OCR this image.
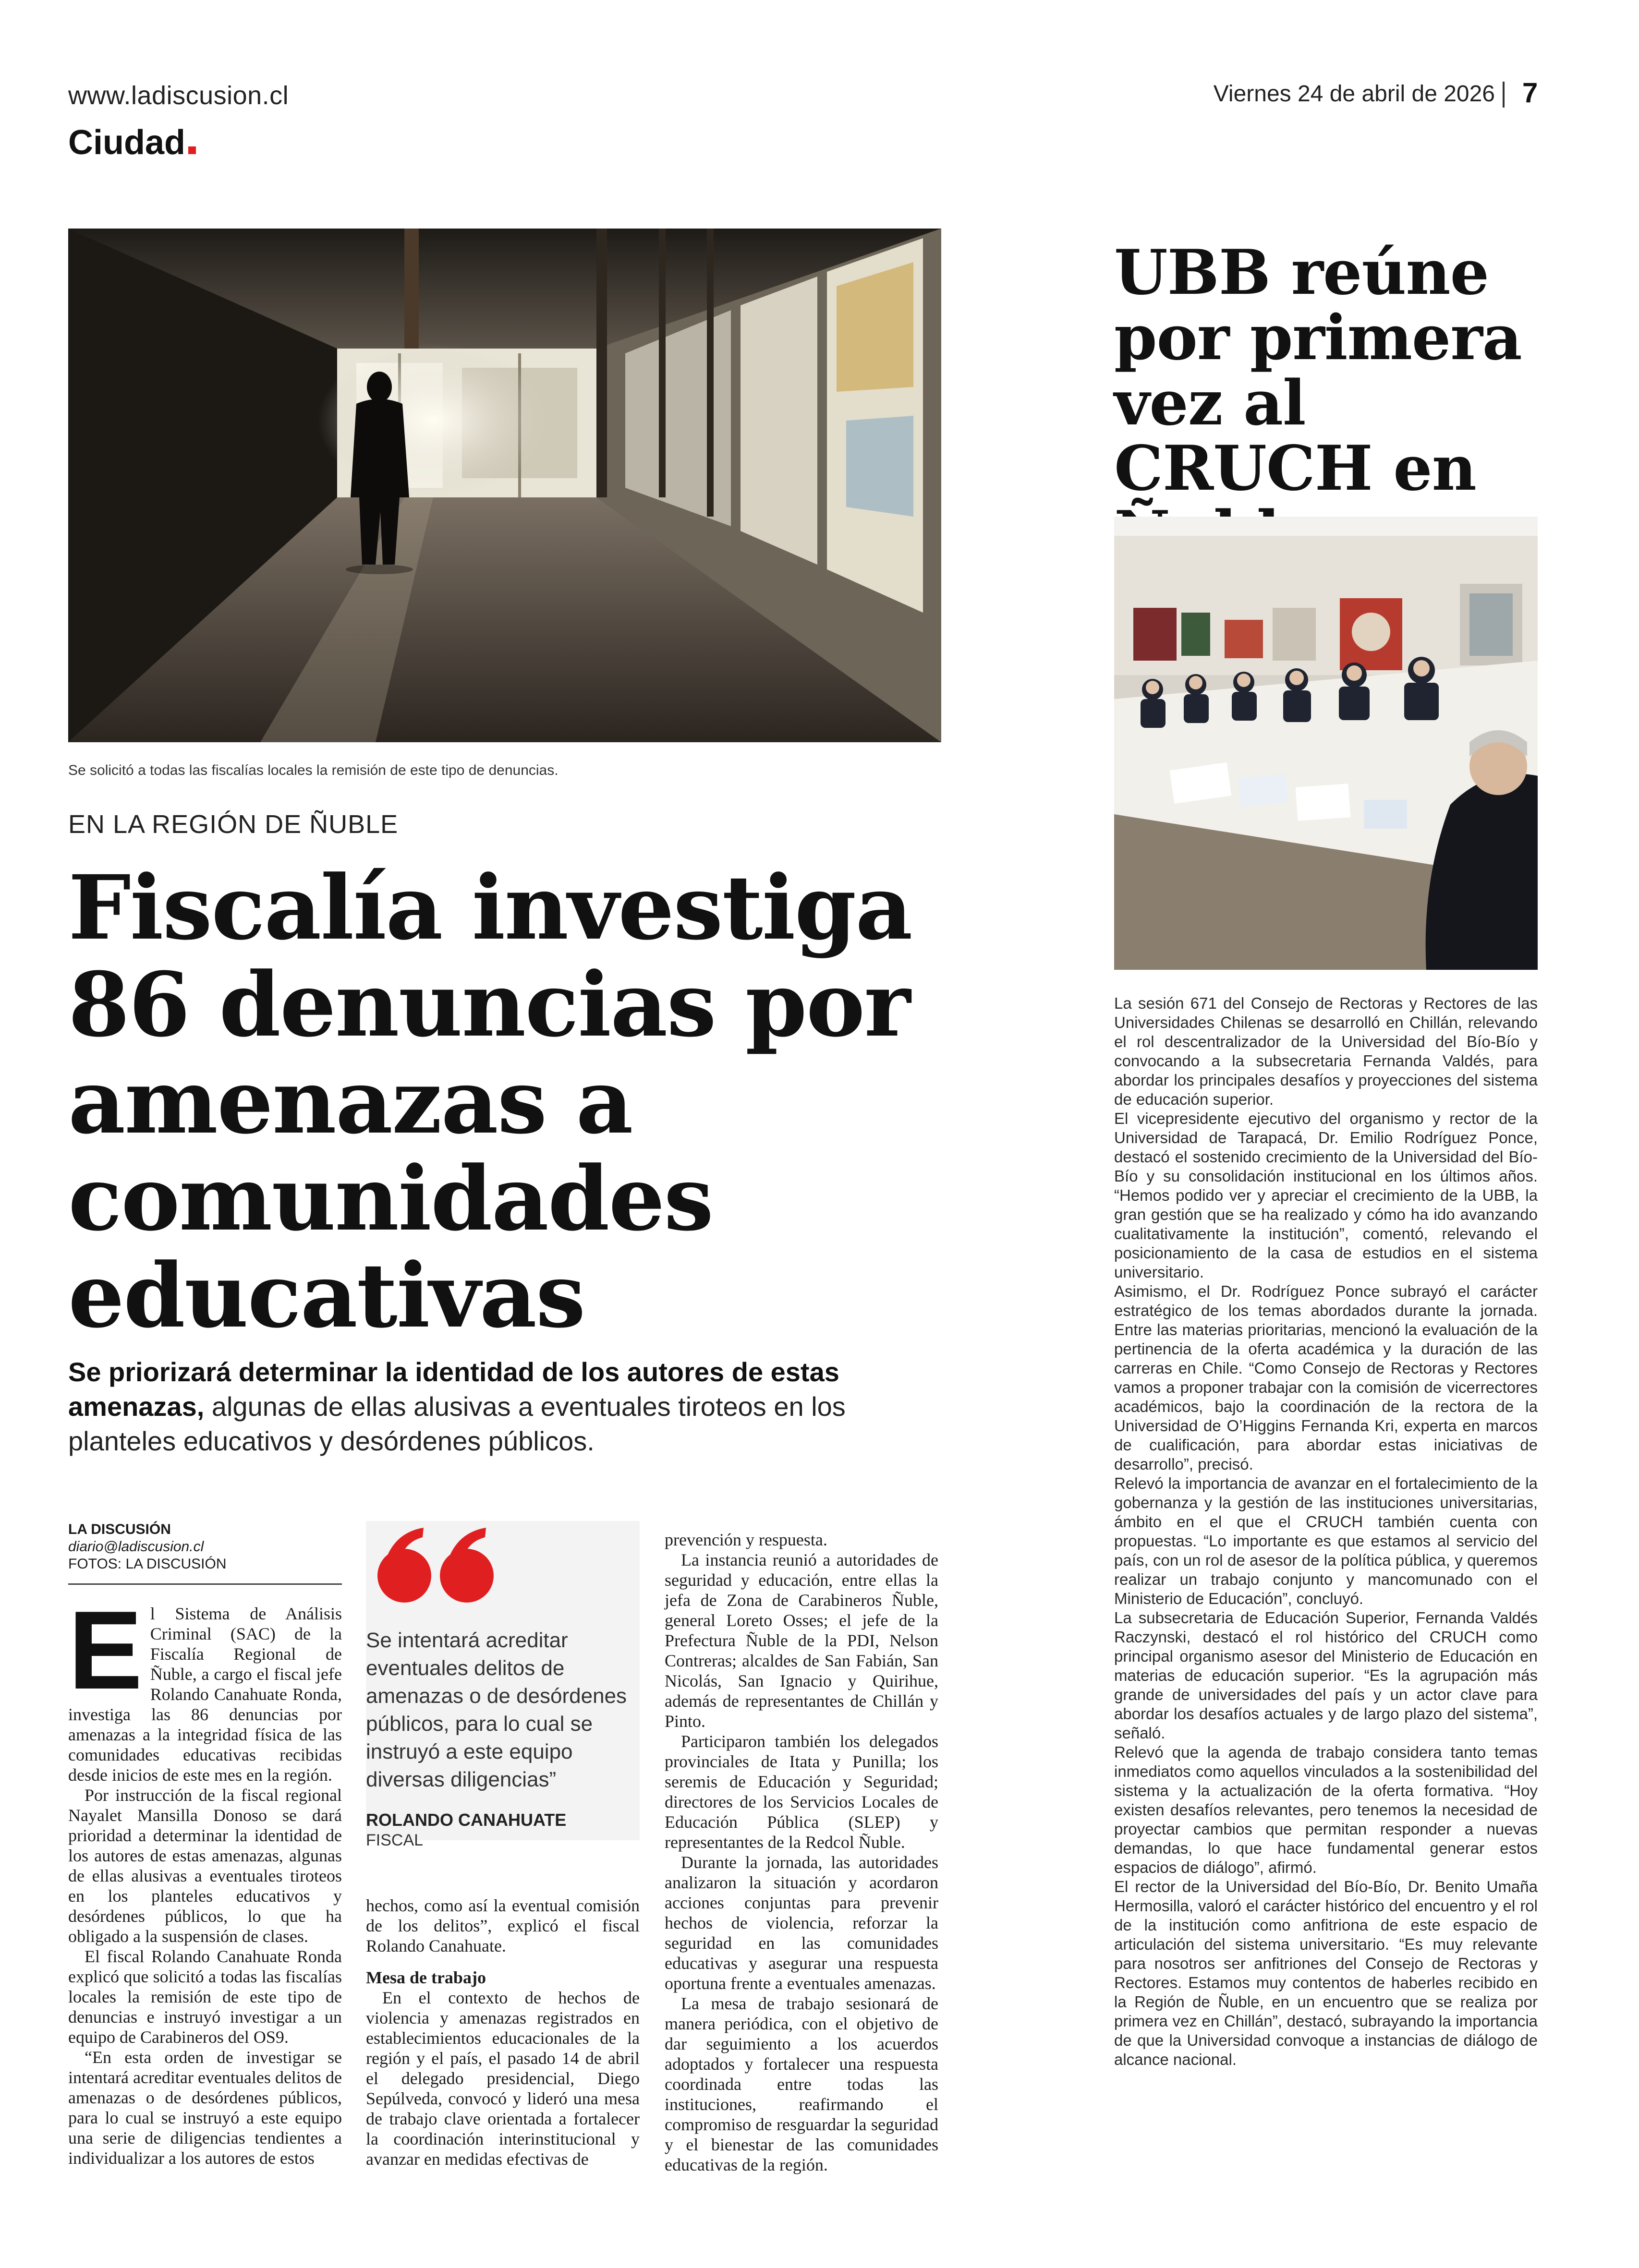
www.ladiscusion.cl
Ciudad
Viernes 24 de abril de 2026 7
Se solicitó a todas las fiscalías locales la remisión de este tipo de denuncias.
EN LA REGIÓN DE ÑUBLE
Fiscalía investiga 86 denuncias por amenazas a comunidades educativas
Se priorizará determinar la identidad de los autores de estas amenazas, algunas de ellas alusivas a eventuales tiroteos en los planteles educativos y desórdenes públicos.
LA DISCUSIÓN
diario@ladiscusion.cl
FOTOS: LA DISCUSIÓN

El Sistema de Análisis Criminal (SAC) de la Fiscalía Regional de Ñuble, a cargo el fiscal jefe Rolando Canahuate Ronda, investiga las 86 denuncias por amenazas a la integridad física de las comunidades educativas recibidas desde inicios de este mes en la región.

Por instrucción de la fiscal regional Nayalet Mansilla Donoso se dará prioridad a determinar la identidad de los autores de estas amenazas, algunas de ellas alusivas a eventuales tiroteos en los planteles educativos y desórdenes públicos, lo que ha obligado a la suspensión de clases.

El fiscal Rolando Canahuate Ronda explicó que solicitó a todas las fiscalías locales la remisión de este tipo de denuncias e instruyó investigar a un equipo de Carabineros del OS9.

“En esta orden de investigar se intentará acreditar eventuales delitos de amenazas o de desórdenes públicos, para lo cual se instruyó a este equipo una serie de diligencias tendientes a individualizar a los autores de estos

Se intentará acreditar eventuales delitos de amenazas o de desórdenes públicos, para lo cual se instruyó a este equipo diversas diligencias”
ROLANDO CANAHUATE
FISCAL

hechos, como así la eventual comisión de los delitos”, explicó el fiscal Rolando Canahuate.

Mesa de trabajo

En el contexto de hechos de violencia y amenazas registrados en establecimientos educacionales de la región y el país, el pasado 14 de abril el delegado presidencial, Diego Sepúlveda, convocó y lideró una mesa de trabajo clave orientada a fortalecer la coordinación interinstitucional y avanzar en medidas efectivas de

prevención y respuesta.

La instancia reunió a autoridades de seguridad y educación, entre ellas la jefa de Zona de Carabineros Ñuble, general Loreto Osses; el jefe de la Prefectura Ñuble de la PDI, Nelson Contreras; alcaldes de San Fabián, San Nicolás, San Ignacio y Quirihue, además de representantes de Chillán y Pinto.

Participaron también los delegados provinciales de Itata y Punilla; los seremis de Educación y Seguridad; directores de los Servicios Locales de Educación Pública (SLEP) y representantes de la Redcol Ñuble.

Durante la jornada, las autoridades analizaron la situación y acordaron acciones conjuntas para prevenir hechos de violencia, reforzar la seguridad en las comunidades educativas y asegurar una respuesta oportuna frente a eventuales amenazas.

La mesa de trabajo sesionará de manera periódica, con el objetivo de dar seguimiento a los acuerdos adoptados y fortalecer una respuesta coordinada entre todas las instituciones, reafirmando el compromiso de resguardar la seguridad y el bienestar de las comunidades educativas de la región.

UBB reúne por primera vez al CRUCH en

La sesión 671 del Consejo de Rectoras y Rectores de las Universidades Chilenas se desarrolló en Chillán, relevando el rol descentralizador de la Universidad del Bío-Bío y convocando a la subsecretaria Fernanda Valdés, para abordar los principales desafíos y proyecciones del sistema de educación superior.

El vicepresidente ejecutivo del organismo y rector de la Universidad de Tarapacá, Dr. Emilio Rodríguez Ponce, destacó el sostenido crecimiento de la Universidad del Bío-Bío y su consolidación institucional en los últimos años. “Hemos podido ver y apreciar el crecimiento de la UBB, la gran gestión que se ha realizado y cómo ha ido avanzando cualitativamente la institución”, comentó, relevando el posicionamiento de la casa de estudios en el sistema universitario.

Asimismo, el Dr. Rodríguez Ponce subrayó el carácter estratégico de los temas abordados durante la jornada. Entre las materias prioritarias, mencionó la evaluación de la pertinencia de la oferta académica y la duración de las carreras en Chile. “Como Consejo de Rectoras y Rectores vamos a proponer trabajar con la comisión de vicerrectores académicos, bajo la coordinación de la rectora de la Universidad de O’Higgins Fernanda Kri, experta en marcos de cualificación, para abordar estas iniciativas de desarrollo”, precisó.

Relevó la importancia de avanzar en el fortalecimiento de la gobernanza y la gestión de las instituciones universitarias, ámbito en el que el CRUCH también cuenta con propuestas. “Lo importante es que estamos al servicio del país, con un rol de asesor de la política pública, y queremos realizar un trabajo conjunto y mancomunado con el Ministerio de Educación”, concluyó.

La subsecretaria de Educación Superior, Fernanda Valdés Raczynski, destacó el rol histórico del CRUCH como principal organismo asesor del Ministerio de Educación en materias de educación superior. “Es la agrupación más grande de universidades del país y un actor clave para abordar los desafíos actuales y de largo plazo del sistema”, señaló.

Relevó que la agenda de trabajo considera tanto temas inmediatos como aquellos vinculados a la sostenibilidad del sistema y la actualización de la oferta formativa. “Hoy existen desafíos relevantes, pero tenemos la necesidad de proyectar cambios que permitan responder a nuevas demandas, lo que hace fundamental generar estos espacios de diálogo”, afirmó.

El rector de la Universidad del Bío-Bío, Dr. Benito Umaña Hermosilla, valoró el carácter histórico del encuentro y el rol de la institución como anfitriona de este espacio de articulación del sistema universitario. “Es muy relevante para nosotros ser anfitriones del Consejo de Rectoras y Rectores. Estamos muy contentos de haberles recibido en la Región de Ñuble, en un encuentro que se realiza por primera vez en Chillán”, destacó, subrayando la importancia de que la Universidad convoque a instancias de diálogo de alcance nacional.
